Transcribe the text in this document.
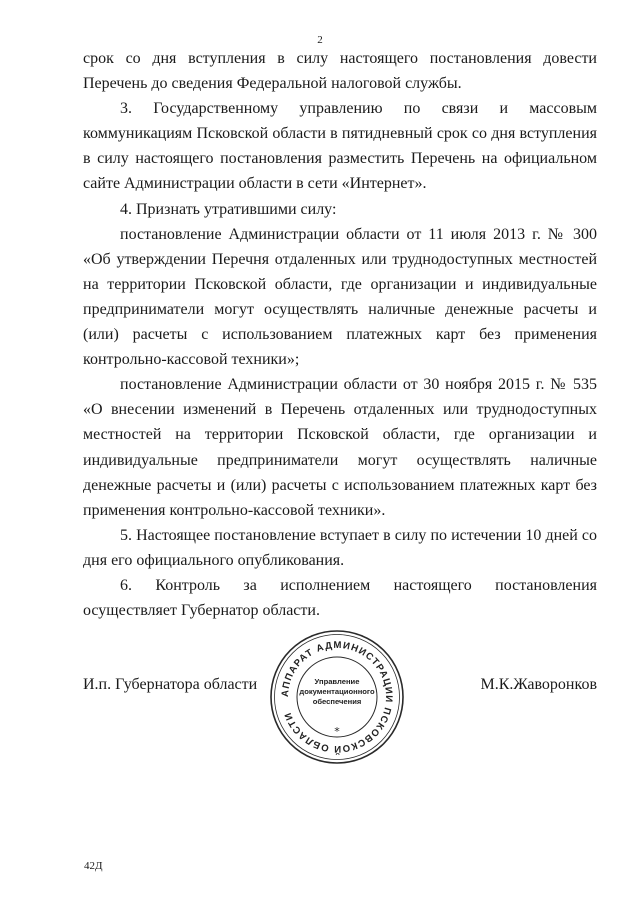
2

срок со дня вступления в силу настоящего постановления довести Перечень до сведения Федеральной налоговой службы.

3. Государственному управлению по связи и массовым коммуникациям Псковской области в пятидневный срок со дня вступления в силу настоящего постановления разместить Перечень на официальном сайте Администрации области в сети «Интернет».

4. Признать утратившими силу:

постановление Администрации области от 11 июля 2013 г. № 300 «Об утверждении Перечня отдаленных или труднодоступных местностей на территории Псковской области, где организации и индивидуальные предприниматели могут осуществлять наличные денежные расчеты и (или) расчеты с использованием платежных карт без применения контрольно-кассовой техники»;

постановление Администрации области от 30 ноября 2015 г. № 535 «О внесении изменений в Перечень отдаленных или труднодоступных местностей на территории Псковской области, где организации и индивидуальные предприниматели могут осуществлять наличные денежные расчеты и (или) расчеты с использованием платежных карт без применения контрольно-кассовой техники».

5. Настоящее постановление вступает в силу по истечении 10 дней со дня его официального опубликования.

6. Контроль за исполнением настоящего постановления осуществляет Губернатор области.

И.п. Губернатора области	М.К.Жаворонков
АППАРАТ АДМИНИСТРАЦИИ ПСКОВСКОЙ ОБЛАСТИ
*
Управление
документационного
обеспечения
42Д
